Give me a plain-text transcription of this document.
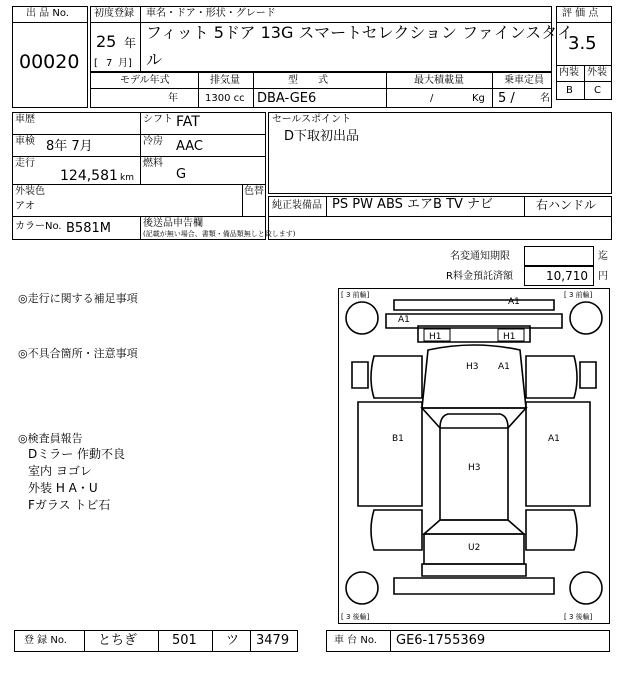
出 品 No.
00020
初度登録
25 年
[ 7 月]
車名・ドア・形状・グレード
フィット 5ドア 13G スマートセレクション ファインスタイ
ル
評 価 点
3.5
内装 外装
B C
モデル年式
年
排気量
1300 cc
型　　式
DBA-GE6
最大積載量
/	Kg
乗車定員
5 /	名
車歴	シフト FAT
車検 8年 7月	冷房 AAC
走行
124,581 km
燃料
G
外装色
アオ
色替
カラーNo. B581M	後送品申告欄
(記載が無い場合、書類・備品類無しと致します)
セールスポイント
D下取初出品
純正装備品 PS PW ABS エアB TV ナビ	右ハンドル
名変通知期限	迄
R料金預託済額	10,710 円
◎走行に関する補足事項
◎不具合箇所・注意事項
◎検査員報告
Dミラー 作動不良
室内 ヨゴレ
外装 H A・U
Fガラス トビ石
[ 3 前輪]	[ 3 前輪]
[ 3 後輪]	[ 3 後輪]
A1
A1
H1	H1
H3 A1
B1	A1
H3
U2
登 録 No. とちぎ	501 ツ 3479	車 台 No. GE6-1755369
